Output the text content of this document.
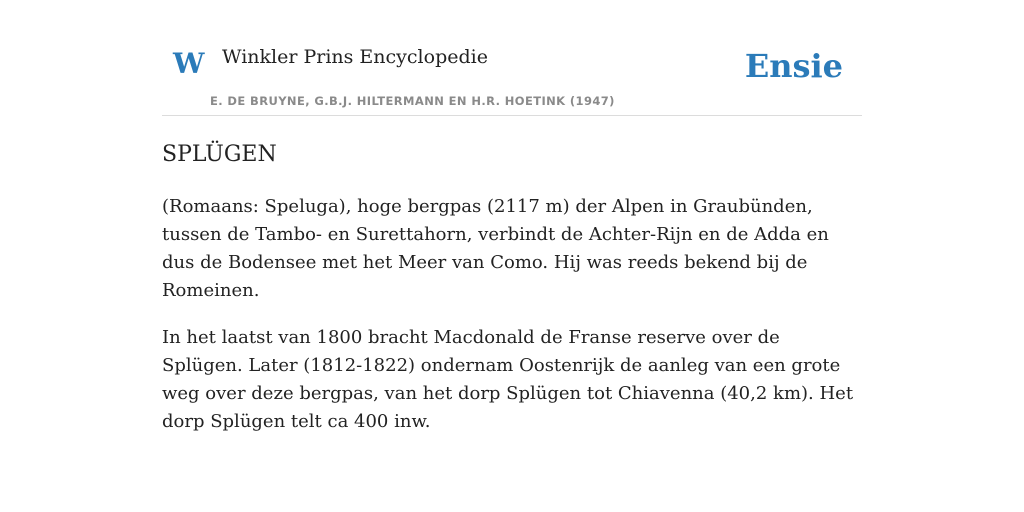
W Winkler Prins Encyclopedie
E. DE BRUYNE, G.B.J. HILTERMANN EN H.R. HOETINK (1947)
Ensie
SPLÜGEN

(Romaans: Speluga), hoge bergpas (2117 m) der Alpen in Graubünden, tussen de Tambo- en Surettahorn, verbindt de Achter-Rijn en de Adda en dus de Bodensee met het Meer van Como. Hij was reeds bekend bij de Romeinen.

In het laatst van 1800 bracht Macdonald de Franse reserve over de Splügen. Later (1812-1822) ondernam Oostenrijk de aanleg van een grote weg over deze bergpas, van het dorp Splügen tot Chiavenna (40,2 km). Het dorp Splügen telt ca 400 inw.
